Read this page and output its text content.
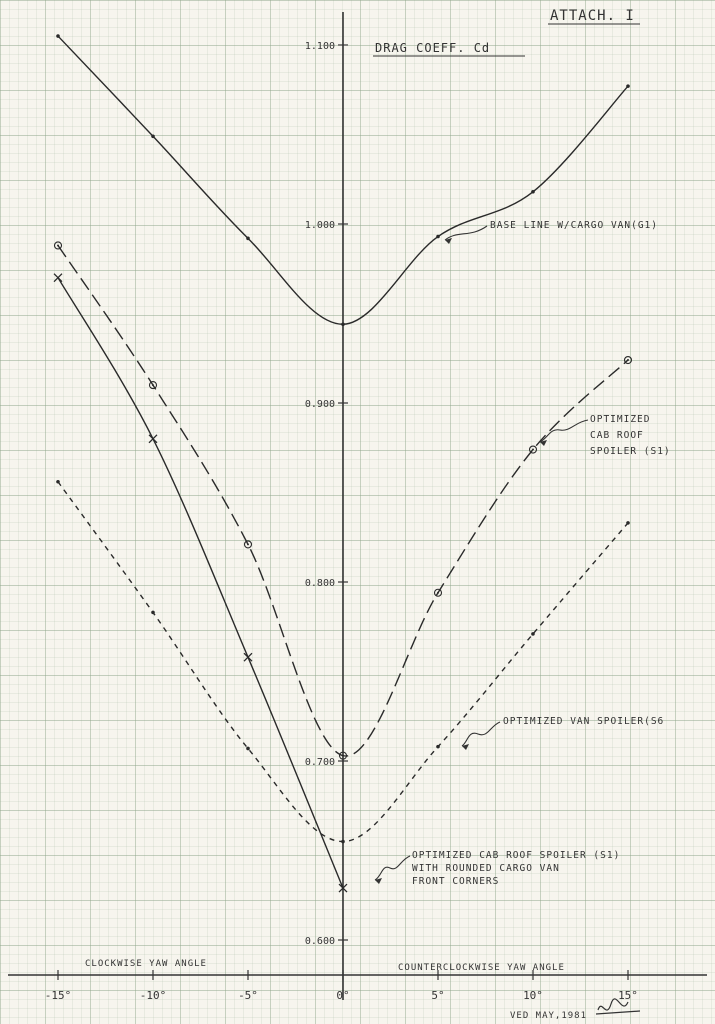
ATTACH. I
DRAG COEFF. Cd
-15°	-10°	-5°	0°	5°	10°	15°
0.600
0.700
0.800
0.900
1.000
1.100
BASE LINE W/CARGO VAN(G1)
OPTIMIZED CAB ROOF SPOILER (S1)
OPTIMIZED VAN SPOILER(S6
OPTIMIZED CAB ROOF SPOILER (S1) WITH ROUNDED CARGO VAN FRONT CORNERS
CLOCKWISE YAW ANGLE	COUNTERCLOCKWISE YAW ANGLE
VED MAY,1981
